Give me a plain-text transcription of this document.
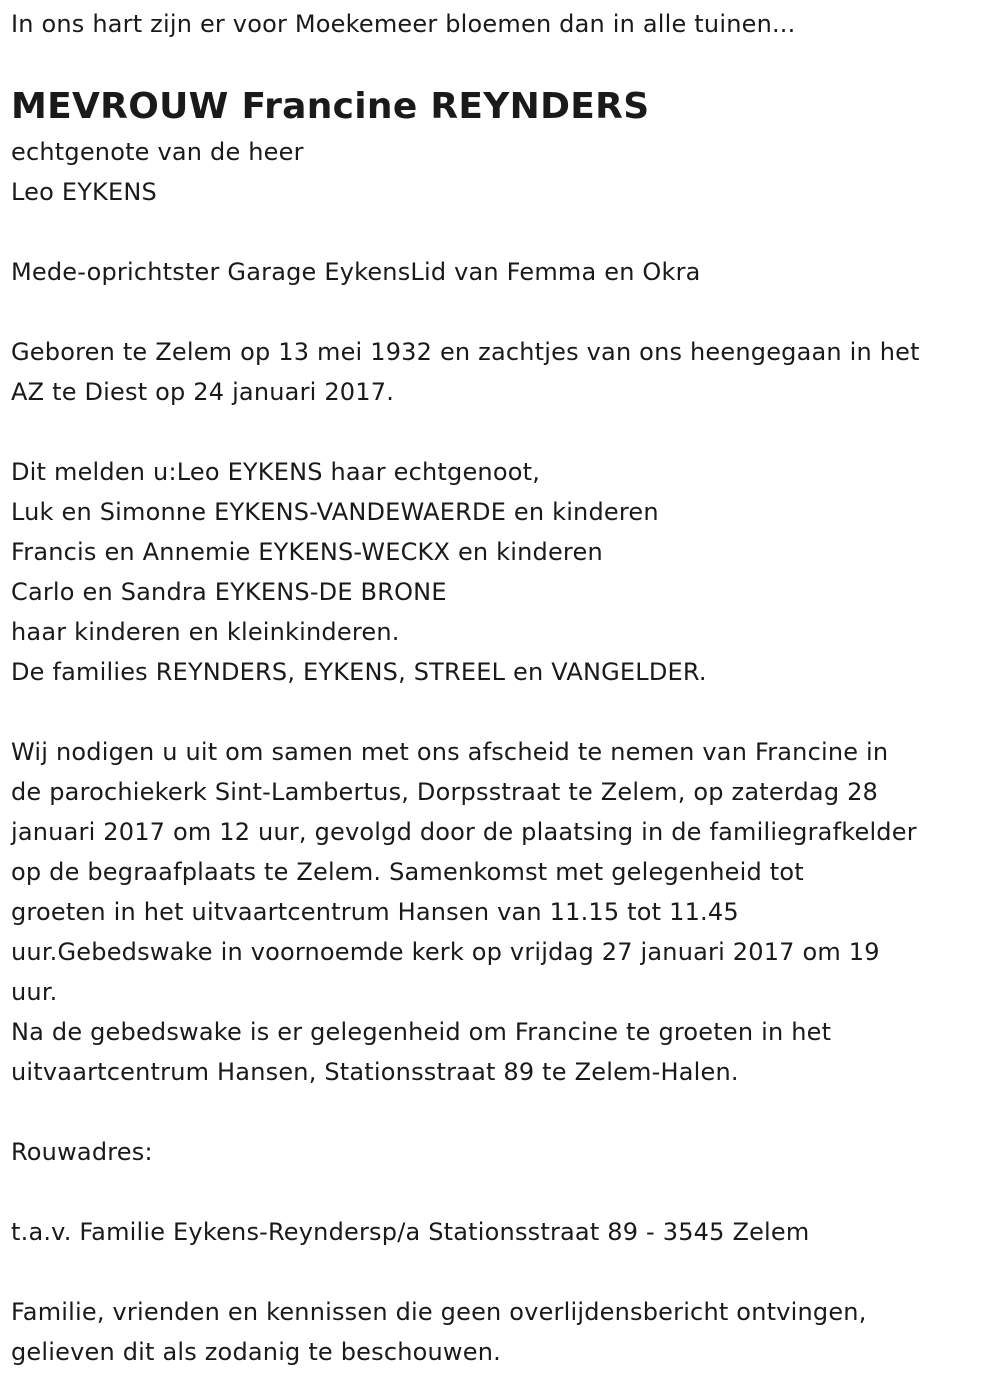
In ons hart zijn er voor Moekemeer bloemen dan in alle tuinen...
MEVROUW Francine REYNDERS
echtgenote van de heer
Leo EYKENS
Mede-oprichtster Garage EykensLid van Femma en Okra
Geboren te Zelem op 13 mei 1932 en zachtjes van ons heengegaan in het
AZ te Diest op 24 januari 2017.
Dit melden u:Leo EYKENS haar echtgenoot,
Luk en Simonne EYKENS-VANDEWAERDE en kinderen
Francis en Annemie EYKENS-WECKX en kinderen
Carlo en Sandra EYKENS-DE BRONE
haar kinderen en kleinkinderen.
De families REYNDERS, EYKENS, STREEL en VANGELDER.
Wij nodigen u uit om samen met ons afscheid te nemen van Francine in
de parochiekerk Sint-Lambertus, Dorpsstraat te Zelem, op zaterdag 28
januari 2017 om 12 uur, gevolgd door de plaatsing in de familiegrafkelder
op de begraafplaats te Zelem. Samenkomst met gelegenheid tot
groeten in het uitvaartcentrum Hansen van 11.15 tot 11.45
uur.Gebedswake in voornoemde kerk op vrijdag 27 januari 2017 om 19
uur.
Na de gebedswake is er gelegenheid om Francine te groeten in het
uitvaartcentrum Hansen, Stationsstraat 89 te Zelem-Halen.
Rouwadres:
t.a.v. Familie Eykens-Reyndersp/a Stationsstraat 89 - 3545 Zelem
Familie, vrienden en kennissen die geen overlijdensbericht ontvingen,
gelieven dit als zodanig te beschouwen.
